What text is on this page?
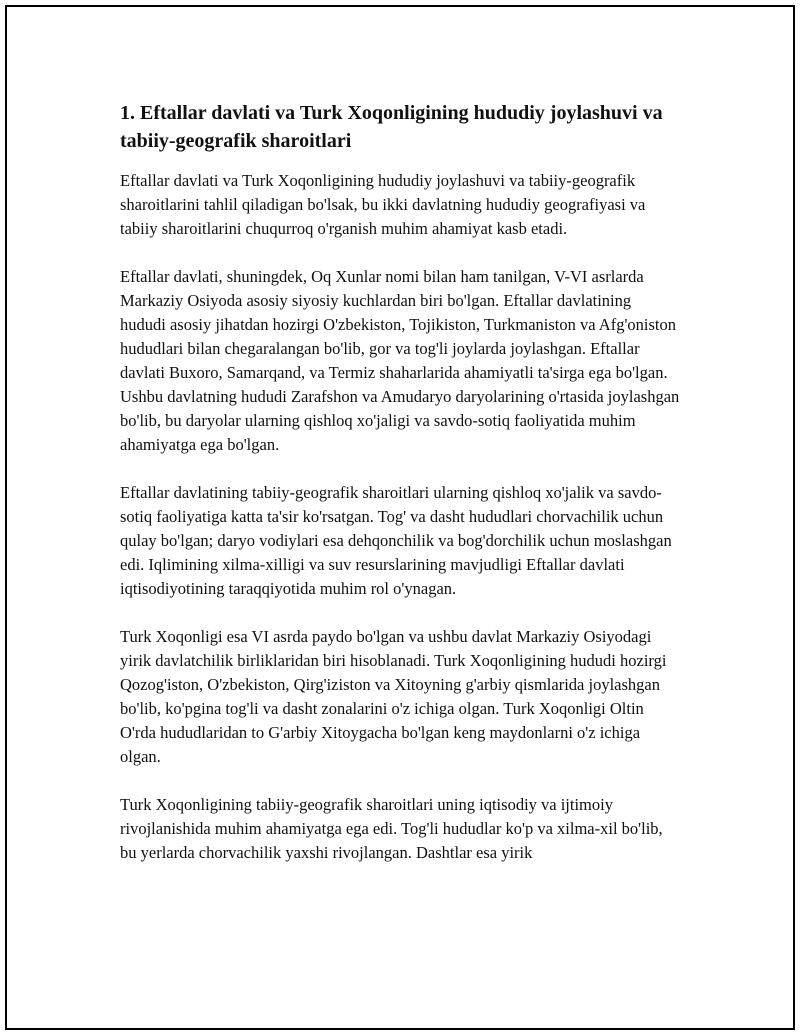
1. Eftallar davlati va Turk Xoqonligining hududiy joylashuvi va tabiiy-geografik sharoitlari

Eftallar davlati va Turk Xoqonligining hududiy joylashuvi va tabiiy-geografik sharoitlarini tahlil qiladigan bo'lsak, bu ikki davlatning hududiy geografiyasi va tabiiy sharoitlarini chuqurroq o'rganish muhim ahamiyat kasb etadi.

Eftallar davlati, shuningdek, Oq Xunlar nomi bilan ham tanilgan, V-VI asrlarda Markaziy Osiyoda asosiy siyosiy kuchlardan biri bo'lgan. Eftallar davlatining hududi asosiy jihatdan hozirgi O'zbekiston, Tojikiston, Turkmaniston va Afg'oniston hududlari bilan chegaralangan bo'lib, gor va tog'li joylarda joylashgan. Eftallar davlati Buxoro, Samarqand, va Termiz shaharlarida ahamiyatli ta'sirga ega bo'lgan. Ushbu davlatning hududi Zarafshon va Amudaryo daryolarining o'rtasida joylashgan bo'lib, bu daryolar ularning qishloq xo'jaligi va savdo-sotiq faoliyatida muhim ahamiyatga ega bo'lgan.

Eftallar davlatining tabiiy-geografik sharoitlari ularning qishloq xo'jalik va savdo-sotiq faoliyatiga katta ta'sir ko'rsatgan. Tog' va dasht hududlari chorvachilik uchun qulay bo'lgan; daryo vodiylari esa dehqonchilik va bog'dorchilik uchun moslashgan edi. Iqlimining xilma-xilligi va suv resurslarining mavjudligi Eftallar davlati iqtisodiyotining taraqqiyotida muhim rol o'ynagan.

Turk Xoqonligi esa VI asrda paydo bo'lgan va ushbu davlat Markaziy Osiyodagi yirik davlatchilik birliklaridan biri hisoblanadi. Turk Xoqonligining hududi hozirgi Qozog'iston, O'zbekiston, Qirg'iziston va Xitoyning g'arbiy qismlarida joylashgan bo'lib, ko'pgina tog'li va dasht zonalarini o'z ichiga olgan. Turk Xoqonligi Oltin O'rda hududlaridan to G'arbiy Xitoygacha bo'lgan keng maydonlarni o'z ichiga olgan.

Turk Xoqonligining tabiiy-geografik sharoitlari uning iqtisodiy va ijtimoiy rivojlanishida muhim ahamiyatga ega edi. Tog'li hududlar ko'p va xilma-xil bo'lib, bu yerlarda chorvachilik yaxshi rivojlangan. Dashtlar esa yirik
